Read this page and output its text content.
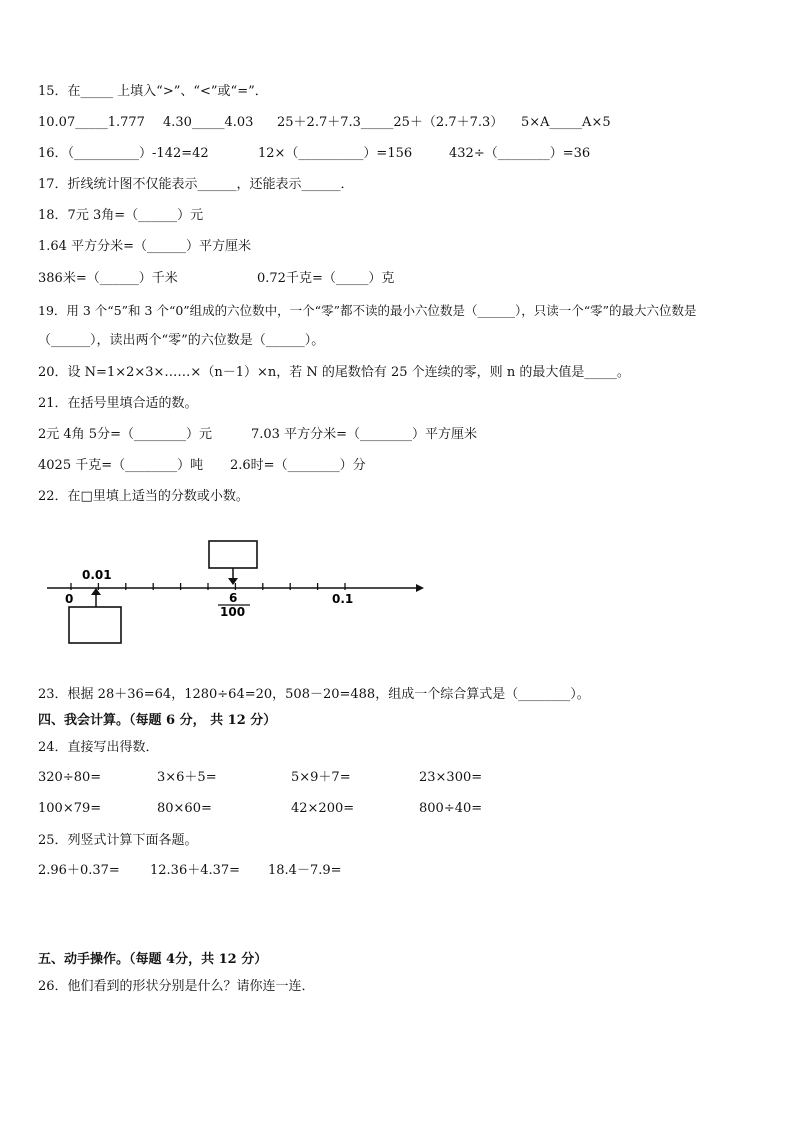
15．在_____ 上填入“>”、“<”或“=”．
10.07_____1.777 4.30_____4.03 25＋2.7＋7.3_____25＋（2.7＋7.3） 5×A_____A×5
16．（__________）-142=42	12×（__________）=156	432÷（________）=36
17．折线统计图不仅能表示______，还能表示______．
18．7元 3角=（______）元
1.64 平方分米=（______）平方厘米
386米=（______）千米	0.72千克=（_____）克
19．用 3 个“5”和 3 个“0”组成的六位数中，一个“零”都不读的最小六位数是（______），只读一个“零”的最大六位数是
（______），读出两个“零”的六位数是（______）。
20．设 N=1×2×3×……×（n－1）×n，若 N 的尾数恰有 25 个连续的零，则 n 的最大值是_____。
21．在括号里填合适的数。
2元 4角 5分=（________）元	7.03 平方分米=（________）平方厘米
4025 千克=（________）吨 2.6时=（________）分
22．在□里填上适当的分数或小数。
0.01
0	6
100
0.1
23．根据 28＋36=64，1280÷64=20，508－20=488，组成一个综合算式是（________）。
四、我会计算。（每题 6 分， 共 12 分）
24．直接写出得数．
320÷80=	3×6＋5=	5×9＋7=	23×300=
100×79=	80×60=	42×200=	800÷40=
25．列竖式计算下面各题。
2.96＋0.37= 12.36＋4.37= 18.4－7.9=
五、动手操作。（每题 4分，共 12 分）
26．他们看到的形状分别是什么？请你连一连．
